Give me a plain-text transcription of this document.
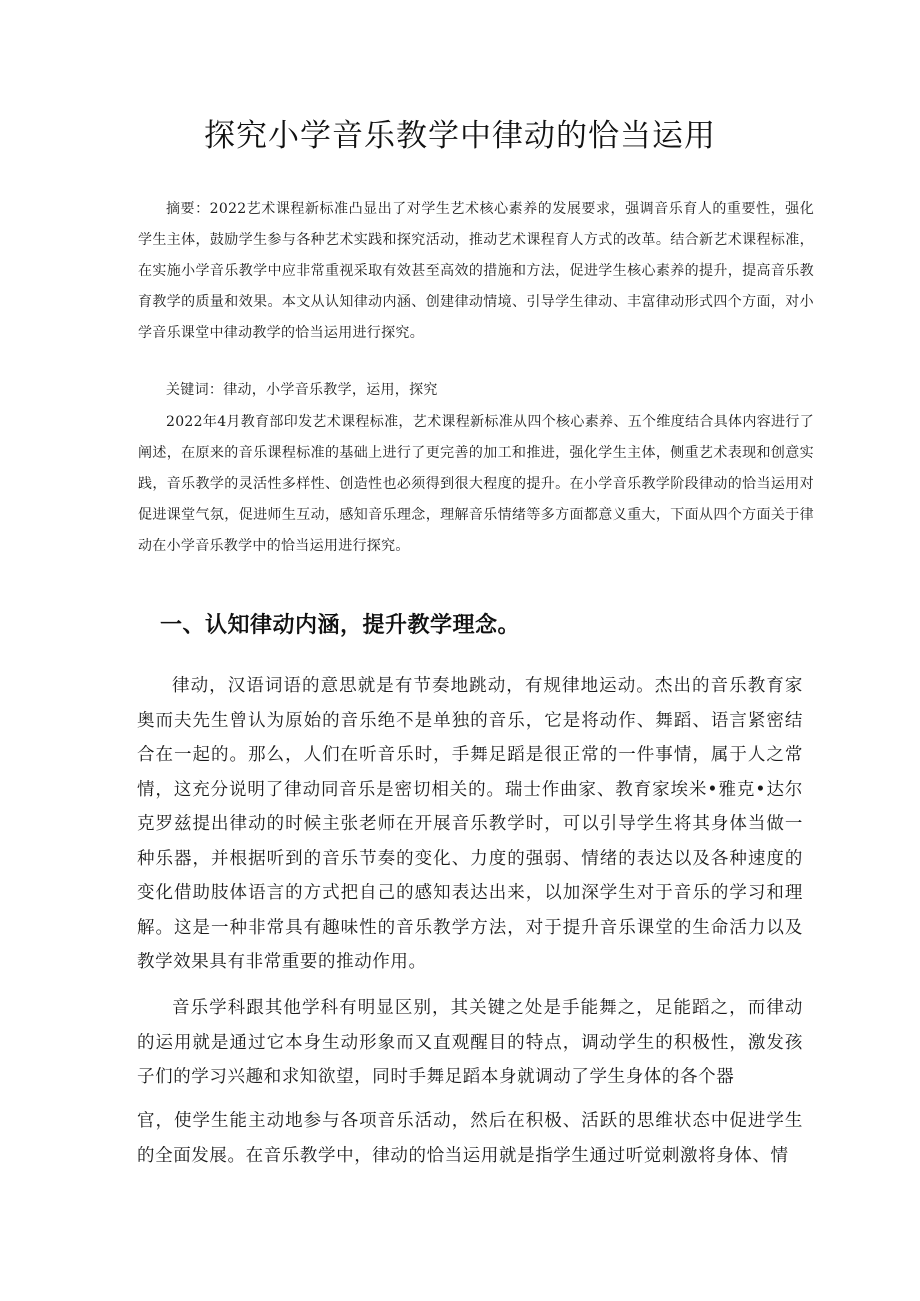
探究小学音乐教学中律动的恰当运用

摘要：2022艺术课程新标准凸显出了对学生艺术核心素养的发展要求，强调音乐育人的重要性，强化学生主体，鼓励学生参与各种艺术实践和探究活动，推动艺术课程育人方式的改革。结合新艺术课程标准，在实施小学音乐教学中应非常重视采取有效甚至高效的措施和方法，促进学生核心素养的提升，提高音乐教育教学的质量和效果。本文从认知律动内涵、创建律动情境、引导学生律动、丰富律动形式四个方面，对小学音乐课堂中律动教学的恰当运用进行探究。

关键词：律动，小学音乐教学，运用，探究

2022年4月教育部印发艺术课程标准，艺术课程新标准从四个核心素养、五个维度结合具体内容进行了阐述，在原来的音乐课程标准的基础上进行了更完善的加工和推进，强化学生主体，侧重艺术表现和创意实践，音乐教学的灵活性多样性、创造性也必须得到很大程度的提升。在小学音乐教学阶段律动的恰当运用对促进课堂气氛，促进师生互动，感知音乐理念，理解音乐情绪等多方面都意义重大，下面从四个方面关于律动在小学音乐教学中的恰当运用进行探究。

一、认知律动内涵，提升教学理念。

律动，汉语词语的意思就是有节奏地跳动，有规律地运动。杰出的音乐教育家奥而夫先生曾认为原始的音乐绝不是单独的音乐，它是将动作、舞蹈、语言紧密结合在一起的。那么，人们在听音乐时，手舞足蹈是很正常的一件事情，属于人之常情，这充分说明了律动同音乐是密切相关的。瑞士作曲家、教育家埃米•雅克•达尔克罗兹提出律动的时候主张老师在开展音乐教学时，可以引导学生将其身体当做一种乐器，并根据听到的音乐节奏的变化、力度的强弱、情绪的表达以及各种速度的变化借助肢体语言的方式把自己的感知表达出来，以加深学生对于音乐的学习和理解。这是一种非常具有趣味性的音乐教学方法，对于提升音乐课堂的生命活力以及教学效果具有非常重要的推动作用。

音乐学科跟其他学科有明显区别，其关键之处是手能舞之，足能蹈之，而律动的运用就是通过它本身生动形象而又直观醒目的特点，调动学生的积极性，激发孩子们的学习兴趣和求知欲望，同时手舞足蹈本身就调动了学生身体的各个器

官，使学生能主动地参与各项音乐活动，然后在积极、活跃的思维状态中促进学生的全面发展。在音乐教学中，律动的恰当运用就是指学生通过听觉刺激将身体、情
